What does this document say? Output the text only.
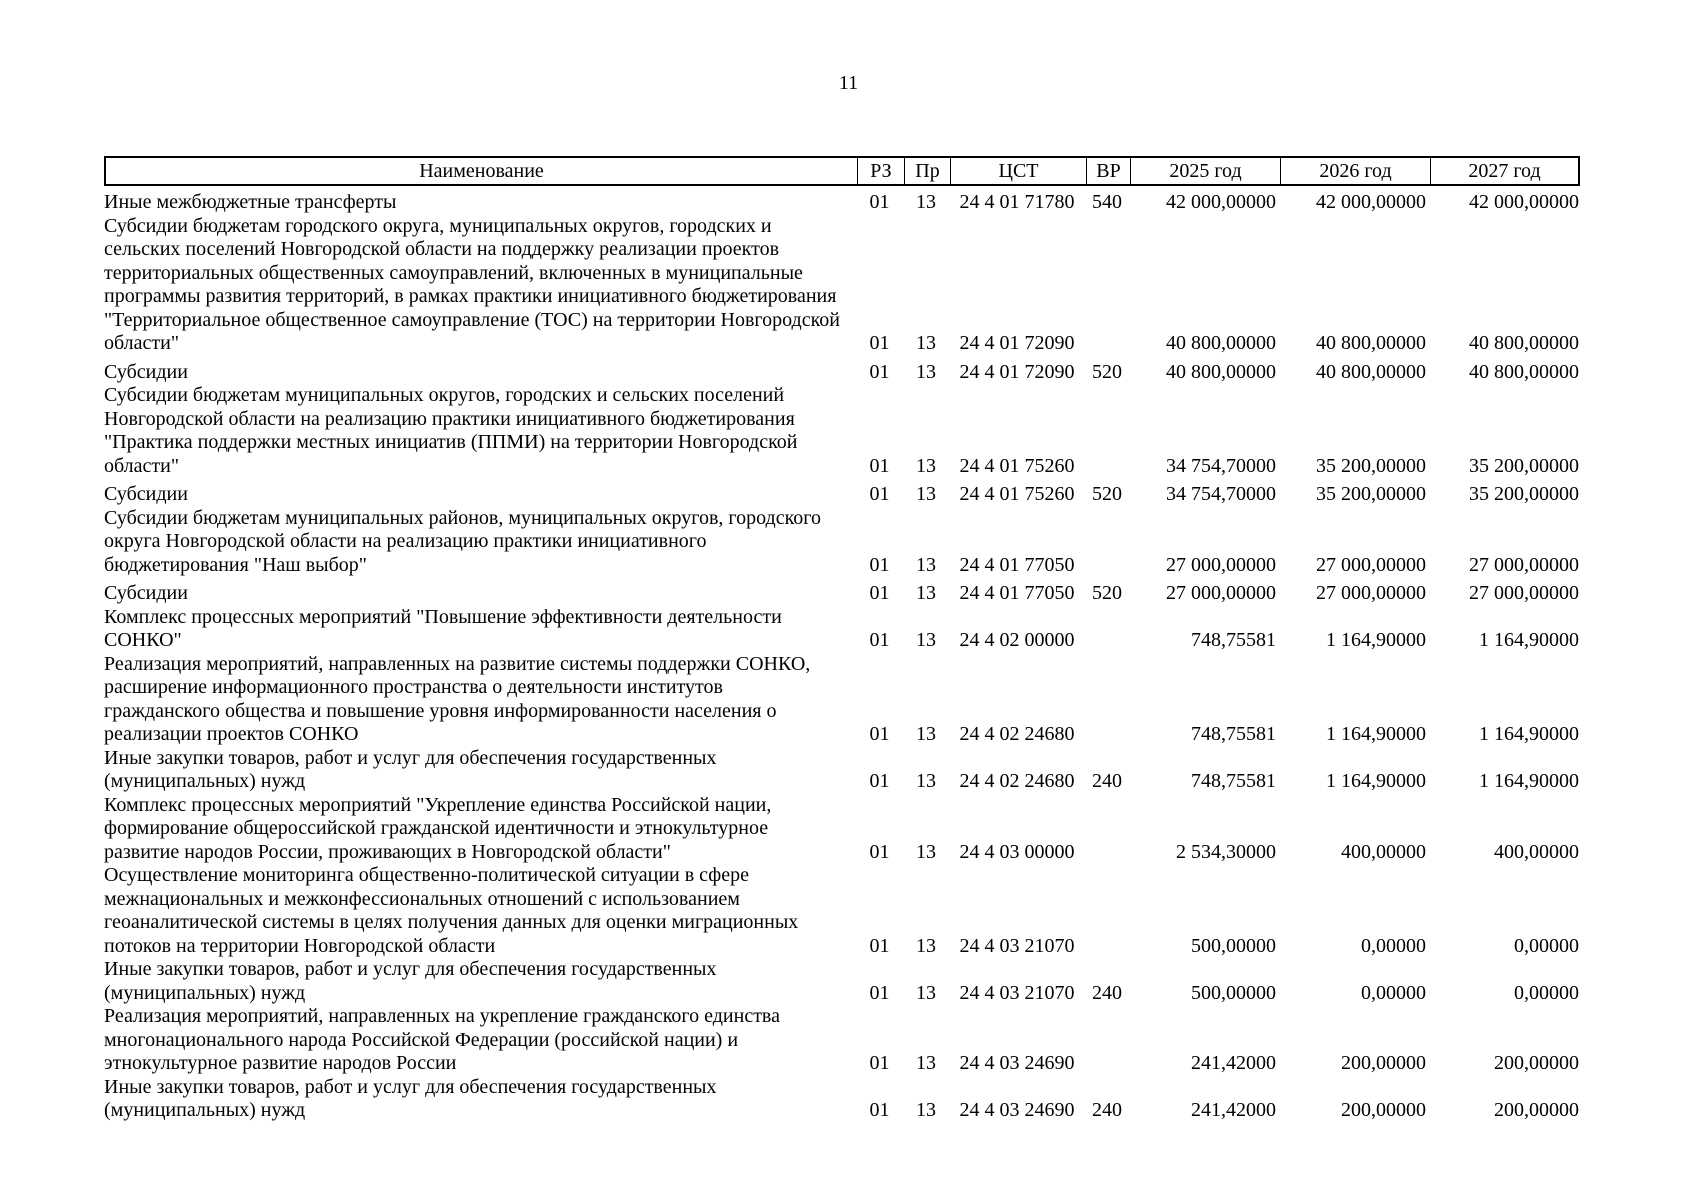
11
Наименование	РЗ	Пр	ЦСТ	ВР	2025 год	2026 год	2027 год
Иные межбюджетные трансферты	01	13	24 4 01 71780 540	42 000,00000	42 000,00000	42 000,00000
Субсидии бюджетам городского округа, муниципальных округов, городских и
сельских поселений Новгородской области на поддержку реализации проектов
территориальных общественных самоуправлений, включенных в муниципальные
программы развития территорий, в рамках практики инициативного бюджетирования
"Территориальное общественное самоуправление (ТОС) на территории Новгородской
области"	01	13	24 4 01 72090	40 800,00000	40 800,00000	40 800,00000
Субсидии	01	13	24 4 01 72090 520	40 800,00000	40 800,00000	40 800,00000
Субсидии бюджетам муниципальных округов, городских и сельских поселений
Новгородской области на реализацию практики инициативного бюджетирования
"Практика поддержки местных инициатив (ППМИ) на территории Новгородской
области"	01	13	24 4 01 75260	34 754,70000	35 200,00000	35 200,00000
Субсидии	01	13	24 4 01 75260 520	34 754,70000	35 200,00000	35 200,00000
Субсидии бюджетам муниципальных районов, муниципальных округов, городского
округа Новгородской области на реализацию практики инициативного
бюджетирования "Наш выбор"	01	13	24 4 01 77050	27 000,00000	27 000,00000	27 000,00000
Субсидии	01	13	24 4 01 77050 520	27 000,00000	27 000,00000	27 000,00000
Комплекс процессных мероприятий "Повышение эффективности деятельности
СОНКО"	01	13	24 4 02 00000	748,75581	1 164,90000	1 164,90000
Реализация мероприятий, направленных на развитие системы поддержки СОНКО,
расширение информационного пространства о деятельности институтов
гражданского общества и повышение уровня информированности населения о
реализации проектов СОНКО	01	13	24 4 02 24680	748,75581	1 164,90000	1 164,90000
Иные закупки товаров, работ и услуг для обеспечения государственных
(муниципальных) нужд	01	13	24 4 02 24680 240	748,75581	1 164,90000	1 164,90000
Комплекс процессных мероприятий "Укрепление единства Российской нации,
формирование общероссийской гражданской идентичности и этнокультурное
развитие народов России, проживающих в Новгородской области"	01	13	24 4 03 00000	2 534,30000	400,00000	400,00000
Осуществление мониторинга общественно-политической ситуации в сфере
межнациональных и межконфессиональных отношений с использованием
геоаналитической системы в целях получения данных для оценки миграционных
потоков на территории Новгородской области	01	13	24 4 03 21070	500,00000	0,00000	0,00000
Иные закупки товаров, работ и услуг для обеспечения государственных
(муниципальных) нужд	01	13	24 4 03 21070 240	500,00000	0,00000	0,00000
Реализация мероприятий, направленных на укрепление гражданского единства
многонационального народа Российской Федерации (российской нации) и
этнокультурное развитие народов России	01	13	24 4 03 24690	241,42000	200,00000	200,00000
Иные закупки товаров, работ и услуг для обеспечения государственных
(муниципальных) нужд	01	13	24 4 03 24690 240	241,42000	200,00000	200,00000
